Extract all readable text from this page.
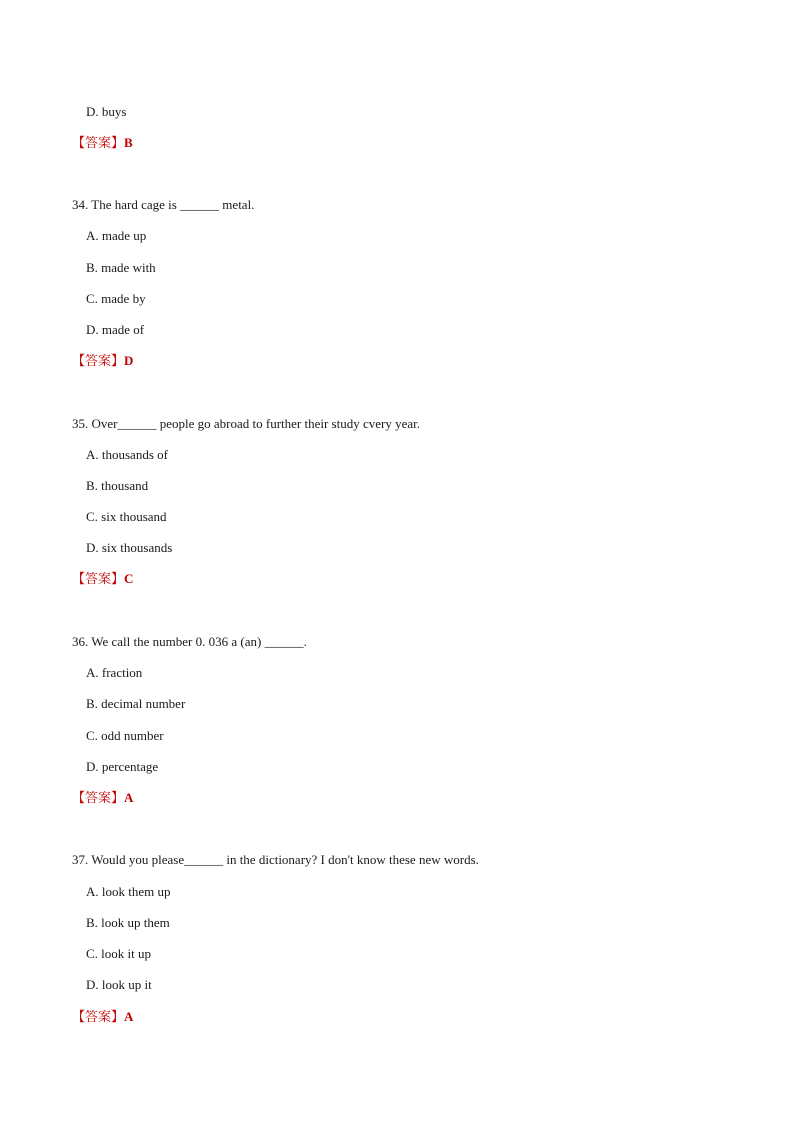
D. buys
【答案】B
34. The hard cage is ______ metal.
A. made up
B. made with
C. made by
D. made of
【答案】D
35. Over______ people go abroad to further their study cvery year.
A. thousands of
B. thousand
C. six thousand
D. six thousands
【答案】C
36. We call the number 0. 036 a (an) ______.
A. fraction
B. decimal number
C. odd number
D. percentage
【答案】A
37. Would you please______ in the dictionary? I don't know these new words.
A. look them up
B. look up them
C. look it up
D. look up it
【答案】A
